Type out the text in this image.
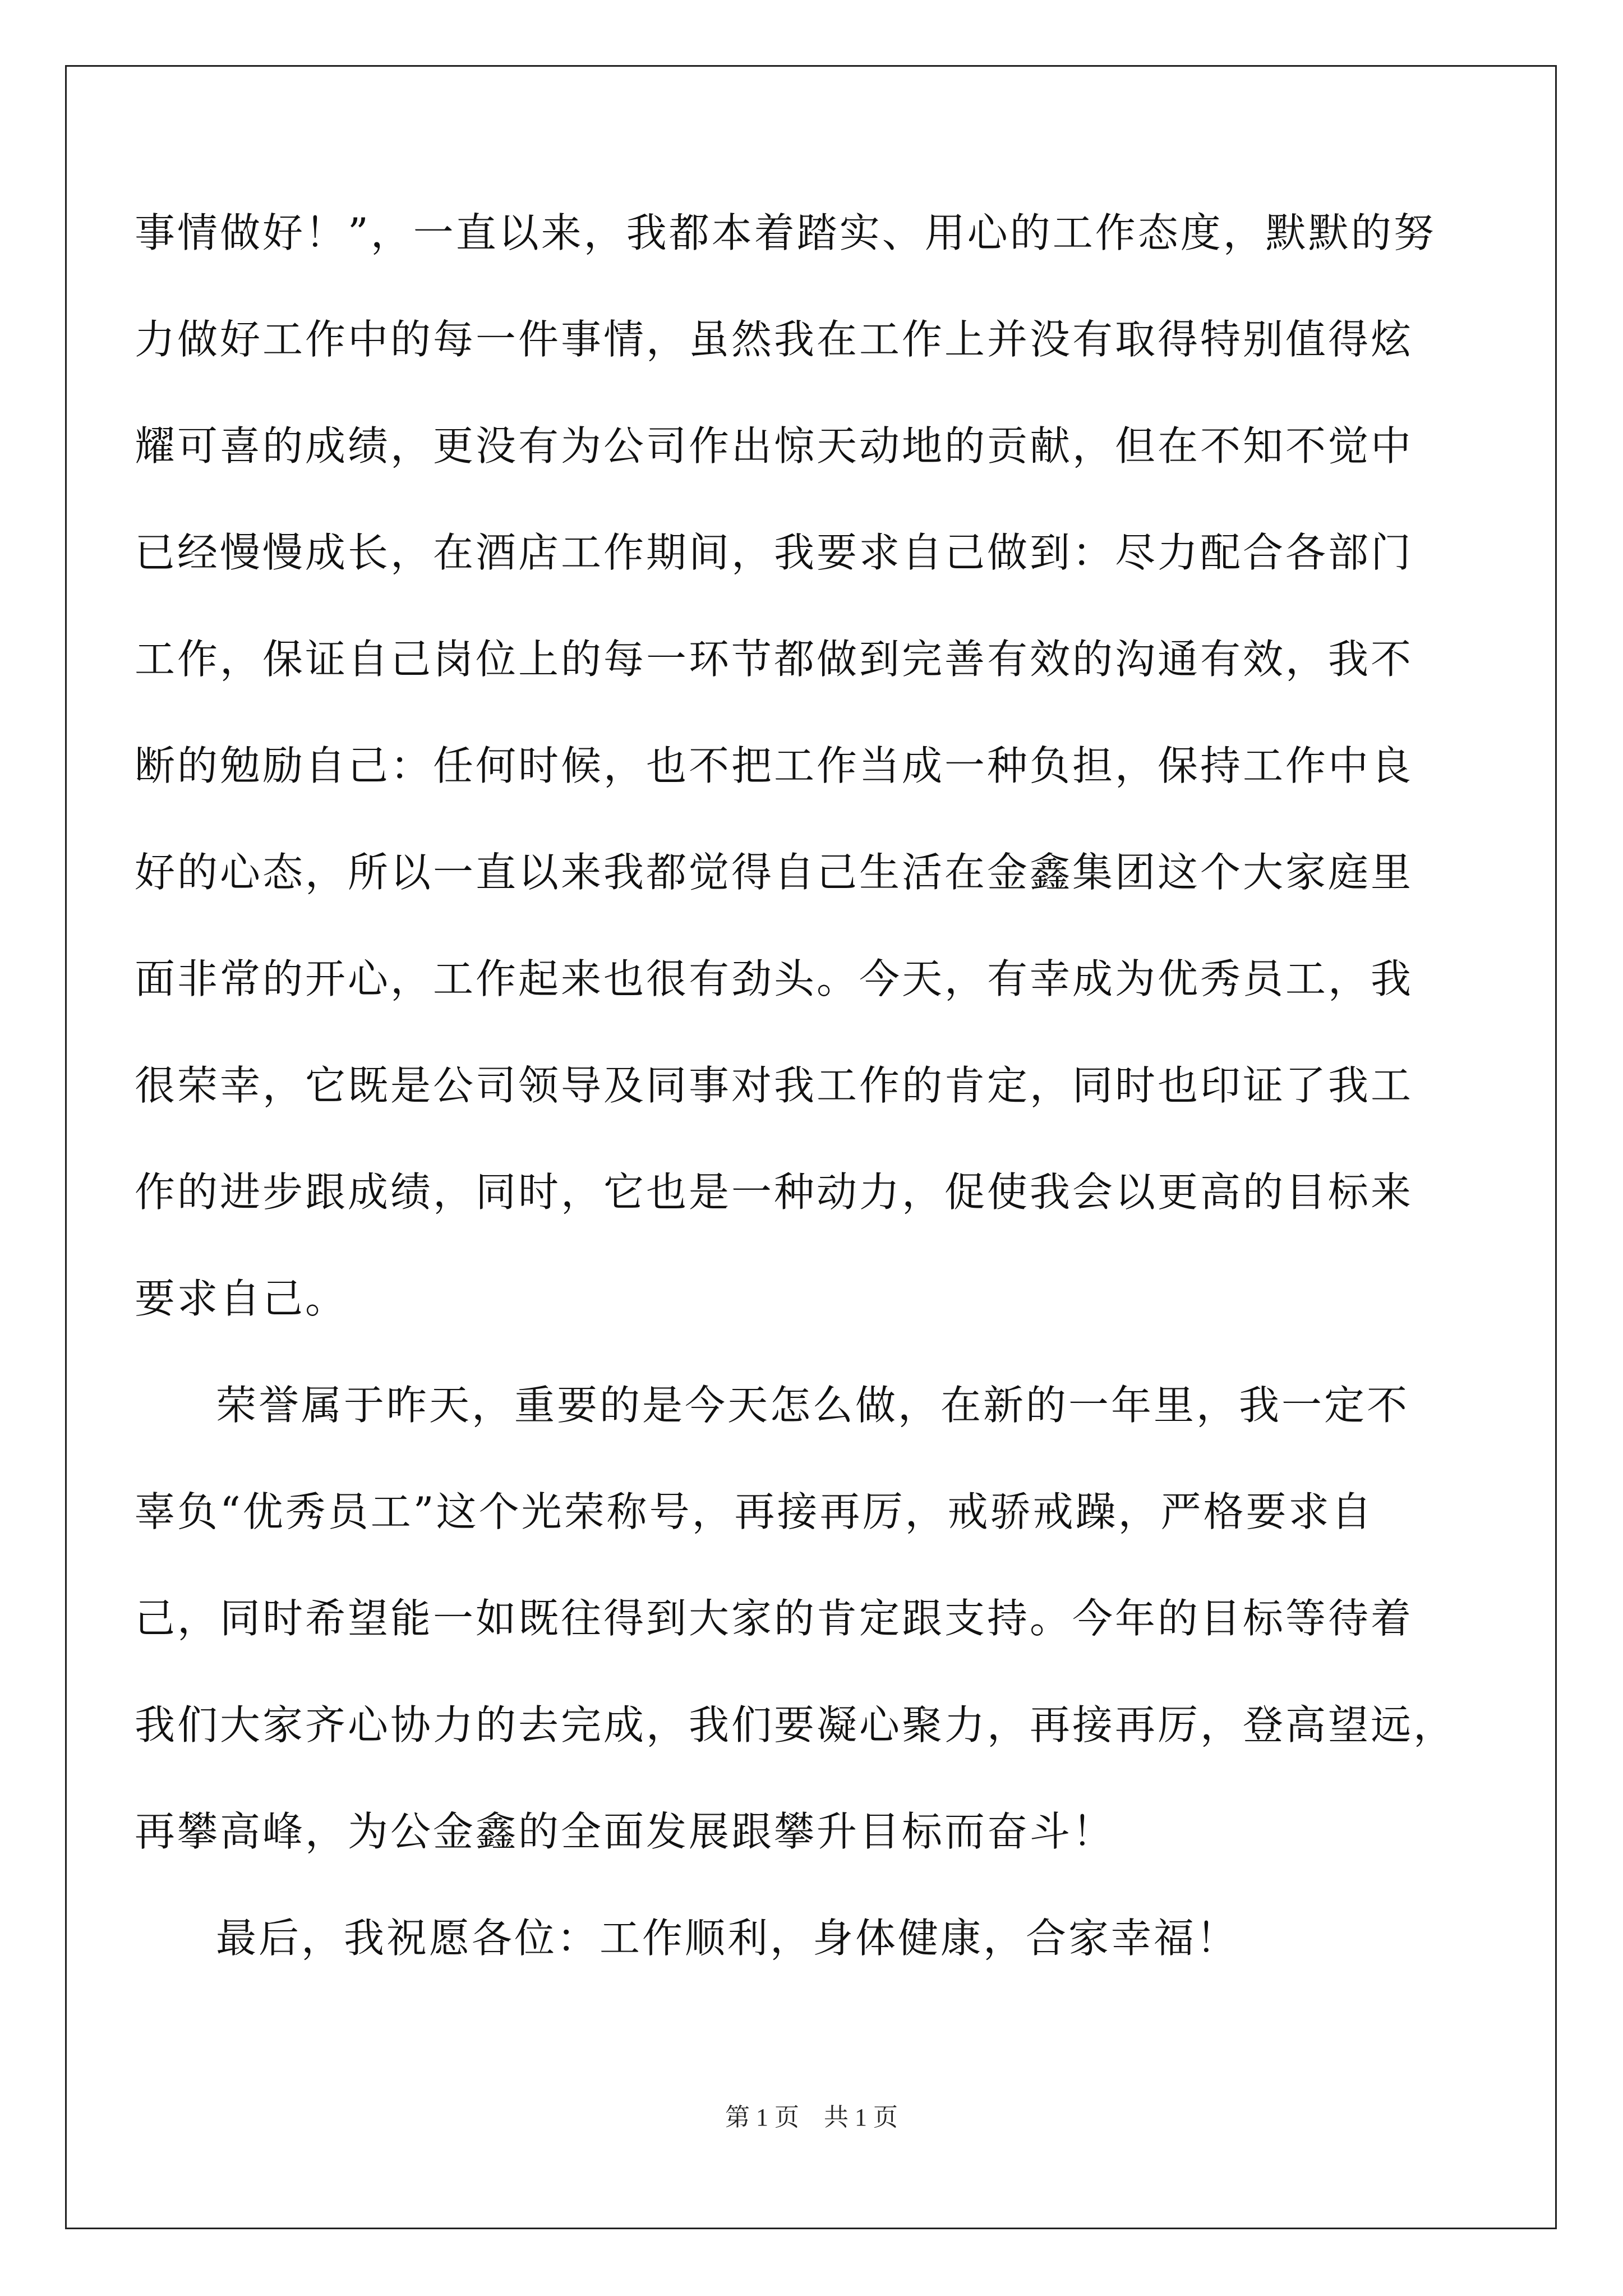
事情做好！”，一直以来，我都本着踏实、用心的工作态度，默默的努
力做好工作中的每一件事情，虽然我在工作上并没有取得特别值得炫
耀可喜的成绩，更没有为公司作出惊天动地的贡献，但在不知不觉中
已经慢慢成长，在酒店工作期间，我要求自己做到：尽力配合各部门
工作，保证自己岗位上的每一环节都做到完善有效的沟通有效，我不
断的勉励自己：任何时候，也不把工作当成一种负担，保持工作中良
好的心态，所以一直以来我都觉得自己生活在金鑫集团这个大家庭里
面非常的开心，工作起来也很有劲头。今天，有幸成为优秀员工，我
很荣幸，它既是公司领导及同事对我工作的肯定，同时也印证了我工
作的进步跟成绩，同时，它也是一种动力，促使我会以更高的目标来
要求自己。
荣誉属于昨天，重要的是今天怎么做，在新的一年里，我一定不
辜负“优秀员工”这个光荣称号，再接再厉，戒骄戒躁，严格要求自
己，同时希望能一如既往得到大家的肯定跟支持。今年的目标等待着
我们大家齐心协力的去完成，我们要凝心聚力，再接再厉，登高望远，
再攀高峰，为公金鑫的全面发展跟攀升目标而奋斗！
最后，我祝愿各位：工作顺利，身体健康，合家幸福！
第 1 页　共 1 页
